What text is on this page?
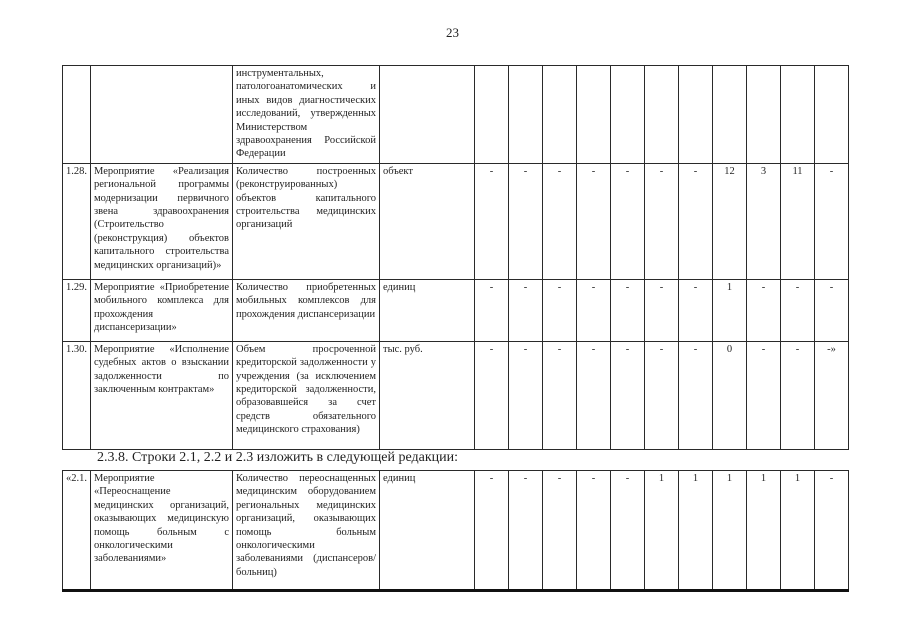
23
		инструментальных, патологоанатомических и иных видов диагностических исследований, утвержденных Министерством здравоохранения Российской Федерации												
1.28.	Мероприятие «Реализация региональной программы модернизации первичного звена здравоохранения (Строительство (реконструкция) объектов капитального строительства медицинских организаций)»	Количество построенных (реконструированных) объектов капитального строительства медицинских организаций	объект	-	-	-	-	-	-	-	12	3	11	-
1.29.	Мероприятие «Приобретение мобильного комплекса для прохождения диспансеризации»	Количество приобретенных мобильных комплексов для прохождения диспансеризации	единиц	-	-	-	-	-	-	-	1	-	-	-
1.30.	Мероприятие «Исполнение судебных актов о взыскании задолженности по заключенным контрактам»	Объем просроченной кредиторской задолженности у учреждения (за исключением кредиторской задолженности, образовавшейся за счет средств обязательного медицинского страхования)	тыс. руб.	-	-	-	-	-	-	-	0	-	-	-»
2.3.8. Строки 2.1, 2.2 и 2.3 изложить в следующей редакции:
«2.1.	Мероприятие «Переоснащение медицинских организаций, оказывающих медицинскую помощь больным с онкологическими заболеваниями»	Количество переоснащенных медицинским оборудованием региональных медицинских организаций, оказывающих помощь больным онкологическими заболеваниями (диспансеров/больниц)	единиц	-	-	-	-	-	1	1	1	1	1	-
